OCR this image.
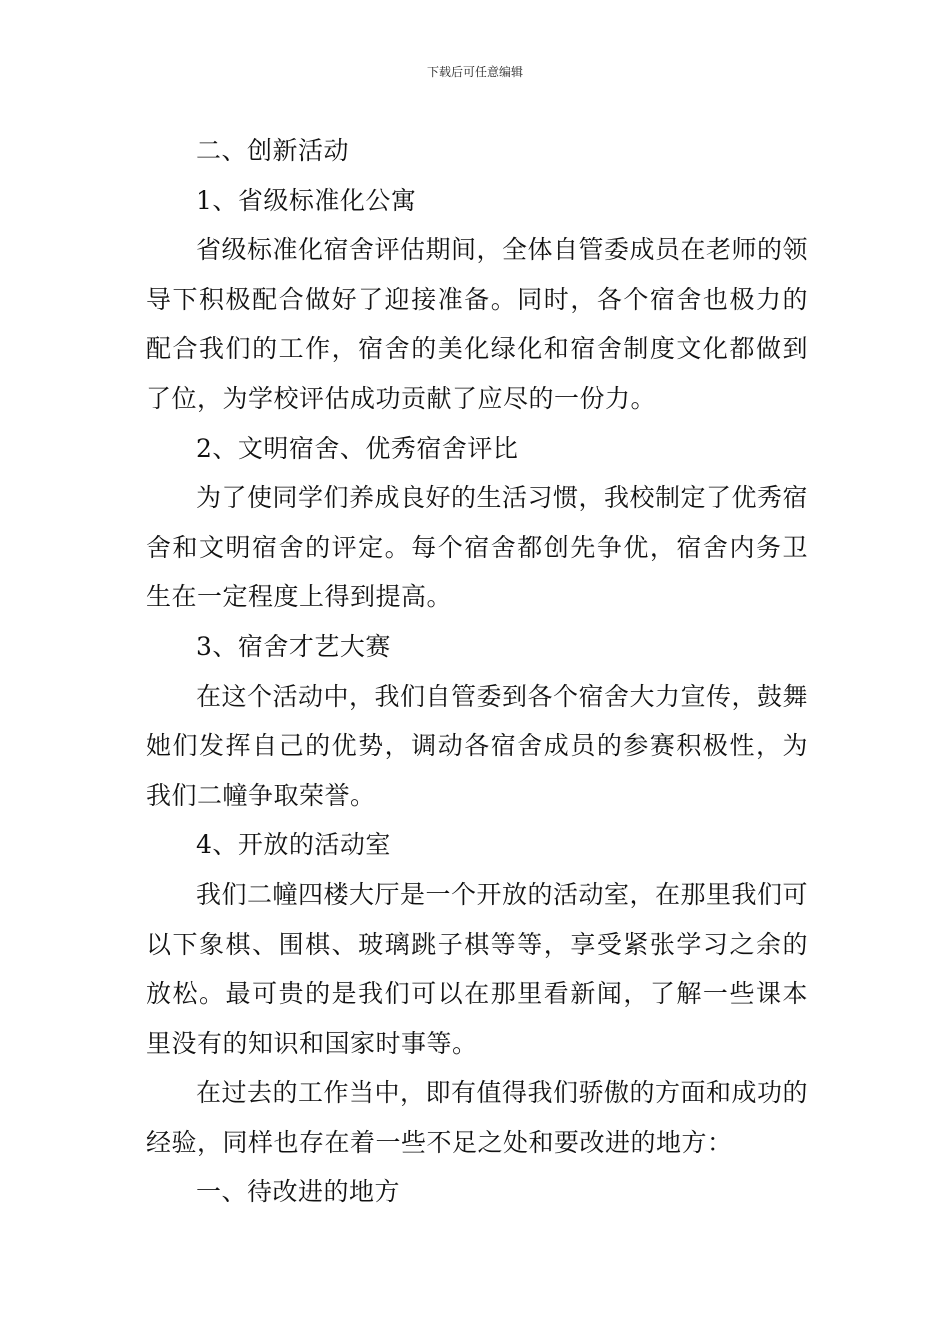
下载后可任意编辑

二、创新活动

1、省级标准化公寓

省级标准化宿舍评估期间，全体自管委成员在老师的领导下积极配合做好了迎接准备。同时，各个宿舍也极力的配合我们的工作，宿舍的美化绿化和宿舍制度文化都做到了位，为学校评估成功贡献了应尽的一份力。

2、文明宿舍、优秀宿舍评比

为了使同学们养成良好的生活习惯，我校制定了优秀宿舍和文明宿舍的评定。每个宿舍都创先争优，宿舍内务卫生在一定程度上得到提高。

3、宿舍才艺大赛

在这个活动中，我们自管委到各个宿舍大力宣传，鼓舞她们发挥自己的优势，调动各宿舍成员的参赛积极性，为我们二幢争取荣誉。

4、开放的活动室

我们二幢四楼大厅是一个开放的活动室，在那里我们可以下象棋、围棋、玻璃跳子棋等等，享受紧张学习之余的放松。最可贵的是我们可以在那里看新闻，了解一些课本里没有的知识和国家时事等。

在过去的工作当中，即有值得我们骄傲的方面和成功的经验，同样也存在着一些不足之处和要改进的地方：

一、待改进的地方
